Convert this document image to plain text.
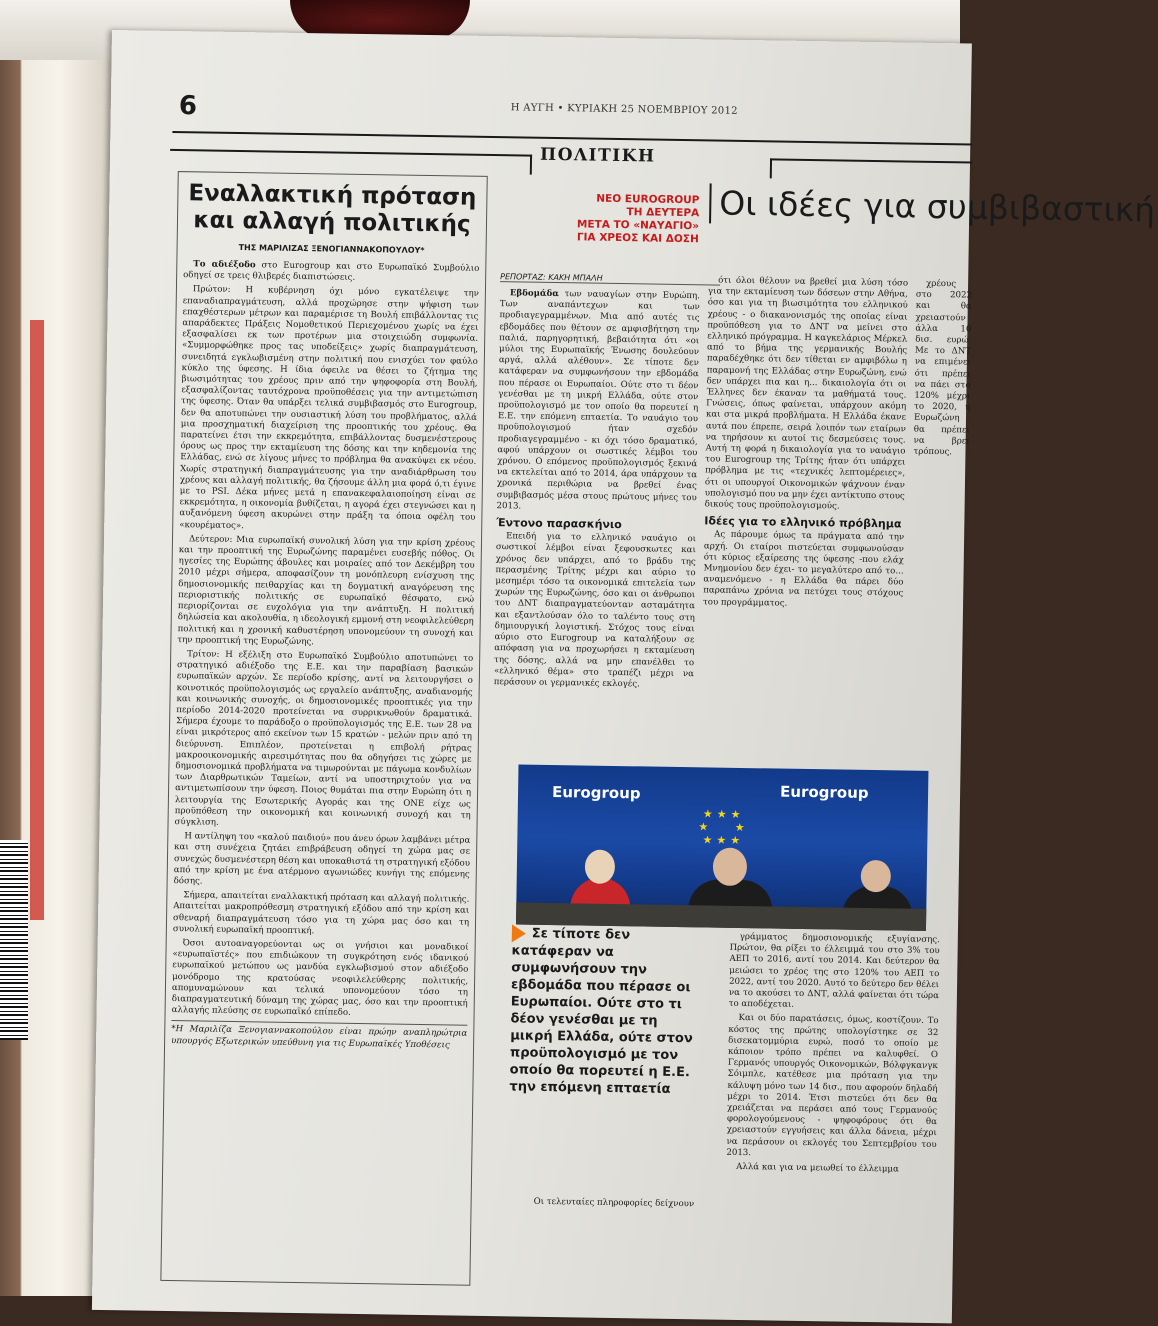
6	Η ΑΥΓΗ • ΚΥΡΙΑΚΗ 25 ΝΟΕΜΒΡΙΟΥ 2012
ΠΟΛΙΤΙΚΗ
Εναλλακτική πρόταση και αλλαγή πολιτικής
ΤΗΣ ΜΑΡΙΛΙΖΑΣ ΞΕΝΟΓΙΑΝΝΑΚΟΠΟΥΛΟΥ*

Το αδιέξοδο στο Eurogroup και στο Ευρωπαϊκό Συμβούλιο οδηγεί σε τρεις θλιβερές διαπιστώσεις.

Πρώτον: Η κυβέρνηση όχι μόνο εγκατέλειψε την επαναδιαπραγμάτευση, αλλά προχώρησε στην ψήφιση των επαχθέστερων μέτρων και παραμέρισε τη Βουλή επιβάλλοντας τις απαράδεκτες Πράξεις Νομοθετικού Περιεχομένου χωρίς να έχει εξασφαλίσει εκ των προτέρων μια στοιχειώδη συμφωνία. «Συμμορφώθηκε προς τας υποδείξεις» χωρίς διαπραγμάτευση, συνειδητά εγκλωβισμένη στην πολιτική που ενισχύει τον φαύλο κύκλο της ύφεσης. Η ίδια όφειλε να θέσει το ζήτημα της βιωσιμότητας του χρέους πριν από την ψηφοφορία στη Βουλή, εξασφαλίζοντας ταυτόχρονα προϋποθέσεις για την αντιμετώπιση της ύφεσης. Όταν θα υπάρξει τελικά συμβιβασμός στο Eurogroup, δεν θα αποτυπώνει την ουσιαστική λύση του προβλήματος, αλλά μια προσχηματική διαχείριση της προοπτικής του χρέους. Θα παρατείνει έτσι την εκκρεμότητα, επιβάλλοντας δυσμενέστερους όρους ως προς την εκταμίευση της δόσης και την κηδεμονία της Ελλάδας, ενώ σε λίγους μήνες το πρόβλημα θα ανακύψει εκ νέου. Χωρίς στρατηγική διαπραγμάτευσης για την αναδιάρθρωση του χρέους και αλλαγή πολιτικής, θα ζήσουμε άλλη μια φορά ό,τι έγινε με το PSI. Δέκα μήνες μετά η επανακεφαλαιοποίηση είναι σε εκκρεμότητα, η οικονομία βυθίζεται, η αγορά έχει στεγνώσει και η αυξανόμενη ύφεση ακυρώνει στην πράξη τα όποια οφέλη του «κουρέματος».

Δεύτερον: Μια ευρωπαϊκή συνολική λύση για την κρίση χρέους και την προοπτική της Ευρωζώνης παραμένει ευσεβής πόθος. Οι ηγεσίες της Ευρώπης άβουλες και μοιραίες από τον Δεκέμβρη του 2010 μέχρι σήμερα, αποφασίζουν τη μονόπλευρη ενίσχυση της δημοσιονομικής πειθαρχίας και τη δογματική αναγόρευση της περιοριστικής πολιτικής σε ευρωπαϊκό θέσφατο, ενώ περιορίζονται σε ευχολόγια για την ανάπτυξη. Η πολιτική δηλώσεία και ακολουθία, η ιδεολογική εμμονή στη νεοφιλελεύθερη πολιτική και η χρονική καθυστέρηση υπονομεύουν τη συνοχή και την προοπτική της Ευρωζώνης.

Τρίτον: Η εξέλιξη στο Ευρωπαϊκό Συμβούλιο αποτυπώνει το στρατηγικό αδιέξοδο της Ε.Ε. και την παραβίαση βασικών ευρωπαϊκών αρχών. Σε περίοδο κρίσης, αντί να λειτουργήσει ο κοινοτικός προϋπολογισμός ως εργαλείο ανάπτυξης, αναδιανομής και κοινωνικής συνοχής, οι δημοσιονομικές προοπτικές για την περίοδο 2014-2020 προτείνεται να συρρικνωθούν δραματικά. Σήμερα έχουμε το παράδοξο ο προϋπολογισμός της Ε.Ε. των 28 να είναι μικρότερος από εκείνον των 15 κρατών - μελών πριν από τη διεύρυνση. Επιπλέον, προτείνεται η επιβολή ρήτρας μακροοικονομικής αιρεσιμότητας που θα οδηγήσει τις χώρες με δημοσιονομικά προβλήματα να τιμωρούνται με πάγωμα κονδυλίων των Διαρθρωτικών Ταμείων, αντί να υποστηριχτούν για να αντιμετωπίσουν την ύφεση. Ποιος θυμάται πια στην Ευρώπη ότι η λειτουργία της Εσωτερικής Αγοράς και της ΟΝΕ είχε ως προϋπόθεση την οικονομική και κοινωνική συνοχή και τη σύγκλιση.

Η αντίληψη του «καλού παιδιού» που άνευ όρων λαμβάνει μέτρα και στη συνέχεια ζητάει επιβράβευση οδηγεί τη χώρα μας σε συνεχώς δυσμενέστερη θέση και υποκαθιστά τη στρατηγική εξόδου από την κρίση με ένα ατέρμονο αγωνιώδες κυνήγι της επόμενης δόσης.

Σήμερα, απαιτείται εναλλακτική πρόταση και αλλαγή πολιτικής. Απαιτείται μακροπρόθεσμη στρατηγική εξόδου από την κρίση και σθεναρή διαπραγμάτευση τόσο για τη χώρα μας όσο και τη συνολική ευρωπαϊκή προοπτική.

Όσοι αυτοαναγορεύονται ως οι γνήσιοι και μοναδικοί «ευρωπαϊστές» που επιδιώκουν τη συγκρότηση ενός ιδανικού ευρωπαϊκού μετώπου ως μανδύα εγκλωβισμού στον αδιέξοδο μονόδρομο της κρατούσας νεοφιλελεύθερης πολιτικής, απομυναμώνουν και τελικά υπονομεύουν τόσο τη διαπραγματευτική δύναμη της χώρας μας, όσο και την προοπτική αλλαγής πλεύσης σε ευρωπαϊκό επίπεδο.

*Η Μαριλίζα Ξενογιαννακοπούλου είναι πρώην αναπληρώτρια υπουργός Εξωτερικών υπεύθυνη για τις Ευρωπαϊκές Υποθέσεις
ΝΕΟ EUROGROUP
ΤΗ ΔΕΥΤΕΡΑ
ΜΕΤΑ ΤΟ «ΝΑΥΑΓΙΟ»
ΓΙΑ ΧΡΕΟΣ ΚΑΙ ΔΟΣΗ
Οι ιδέες για συμβιβαστική
ΡΕΠΟΡΤΑΖ: ΚΑΚΗ ΜΠΑΛΗ

Εβδομάδα των ναυαγίων στην Ευρώπη. Των αναπάντεχων και των προδιαγεγραμμένων. Μια από αυτές τις εβδομάδες που θέτουν σε αμφισβήτηση την παλιά, παρηγορητική, βεβαιότητα ότι «οι μύλοι της Ευρωπαϊκής Ένωσης δουλεύουν αργά, αλλά αλέθουν». Σε τίποτε δεν κατάφεραν να συμφωνήσουν την εβδομάδα που πέρασε οι Ευρωπαίοι. Ούτε στο τι δέον γενέσθαι με τη μικρή Ελλάδα, ούτε στον προϋπολογισμό με τον οποίο θα πορευτεί η Ε.Ε. την επόμενη επταετία. Το ναυάγιο του προϋπολογισμού ήταν σχεδόν προδιαγεγραμμένο - κι όχι τόσο δραματικό, αφού υπάρχουν οι σωστικές λέμβοι του χρόνου. Ο επόμενος προϋπολογισμός ξεκινά να εκτελείται από το 2014, άρα υπάρχουν τα χρονικά περιθώρια να βρεθεί ένας συμβιβασμός μέσα στους πρώτους μήνες του 2013.

Έντονο παρασκήνιο

Επειδή για το ελληνικό ναυάγιο οι σωστικοί λέμβοι είναι ξεφουσκωτες και χρόνος δεν υπάρχει, από το βράδυ της περασμένης Τρίτης μέχρι και αύριο το μεσημέρι τόσο τα οικονομικά επιτελεία των χωρών της Ευρωζώνης, όσο και οι άνθρωποι του ΔΝΤ διαπραγματεύονταν ασταμάτητα και εξαντλούσαν όλο το ταλέντο τους στη δημιουργική λογιστική. Στόχος τους είναι αύριο στο Eurogroup να καταλήξουν σε απόφαση για να προχωρήσει η εκταμίευση της δόσης, αλλά να μην επανέλθει το «ελληνικό θέμα» στο τραπέζι μέχρι να περάσουν οι γερμανικές εκλογές.

ότι όλοι θέλουν να βρεθεί μια λύση τόσο για την εκταμίευση των δόσεων στην Αθήνα, όσο και για τη βιωσιμότητα του ελληνικού χρέους - ο διακανονισμός της οποίας είναι προϋπόθεση για το ΔΝΤ να μείνει στο ελληνικό πρόγραμμα. Η καγκελάριος Μέρκελ από το βήμα της γερμανικής Βουλής παραδέχθηκε ότι δεν τίθεται εν αμφιβόλω η παραμονή της Ελλάδας στην Ευρωζώνη, ενώ δεν υπάρχει πια και η... δικαιολογία ότι οι Έλληνες δεν έκαναν τα μαθήματά τους. Γνώσεις, όπως φαίνεται, υπάρχουν ακόμη και στα μικρά προβλήματα. Η Ελλάδα έκανε αυτά που έπρεπε, σειρά λοιπόν των εταίρων να τηρήσουν κι αυτοί τις δεσμεύσεις τους. Αυτή τη φορά η δικαιολογία για το ναυάγιο του Eurogroup της Τρίτης ήταν ότι υπάρχει πρόβλημα με τις «τεχνικές λεπτομέρειες», ότι οι υπουργοί Οικονομικών ψάχνουν έναν υπολογισμό που να μην έχει αντίκτυπο στους δικούς τους προϋπολογισμούς.

Ιδέες για το ελληνικό πρόβλημα

Ας πάρουμε όμως τα πράγματα από την αρχή. Οι εταίροι πιστεύεται συμφωνούσαν ότι κύριος εξαίρεσης της ύφεσης -που ελάχ Μνημονίου δεν έχει- το μεγαλύτερο από το... αναμενόμενο - η Ελλάδα θα πάρει δύο παραπάνω χρόνια να πετύχει τους στόχους του προγράμματος.

χρέους στο 2022 και θα χρειαστούν άλλα 10 δισ. ευρώ. Με το ΔΝΤ να επιμένει ότι πρέπει να πάει στο 120% μέχρι το 2020, η Ευρωζώνη θα πρέπει να βρει τρόπους.

Eurogroup	Eurogroup
★★★
★   ★
★★★
Σε τίποτε δεν κατάφεραν να συμφωνήσουν την εβδομάδα που πέρασε οι Ευρωπαίοι. Ούτε στο τι δέον γενέσθαι με τη μικρή Ελλάδα, ούτε στον προϋπολογισμό με τον οποίο θα πορευτεί η Ε.Ε. την επόμενη επταετία

Οι τελευταίες πληροφορίες δείχνουν

γράμματος δημοσιονομικής εξυγίανσης. Πρώτον, θα ρίξει το έλλειμμά του στο 3% του ΑΕΠ το 2016, αντί του 2014. Και δεύτερον θα μειώσει το χρέος της στο 120% του ΑΕΠ το 2022, αντί του 2020. Αυτό το δεύτερο δεν θέλει να το ακούσει το ΔΝΤ, αλλά φαίνεται ότι τώρα το αποδέχεται.

Και οι δύο παρατάσεις, όμως, κοστίζουν. Το κόστος της πρώτης υπολογίστηκε σε 32 δισεκατομμύρια ευρώ, ποσό το οποίο με κάποιον τρόπο πρέπει να καλυφθεί. Ο Γερμανός υπουργός Οικονομικών, Βόλφγκανγκ Σόιμπλε, κατέθεσε μια πρόταση για την κάλυψη μόνο των 14 δισ., που αφορούν δηλαδή μέχρι το 2014. Έτσι πιστεύει ότι δεν θα χρειάζεται να περάσει από τους Γερμανούς φορολογούμενους - ψηφοφόρους ότι θα χρειαστούν εγγυήσεις και άλλα δάνεια, μέχρι να περάσουν οι εκλογές του Σεπτεμβρίου του 2013.

Αλλά και για να μειωθεί το έλλειμμα
